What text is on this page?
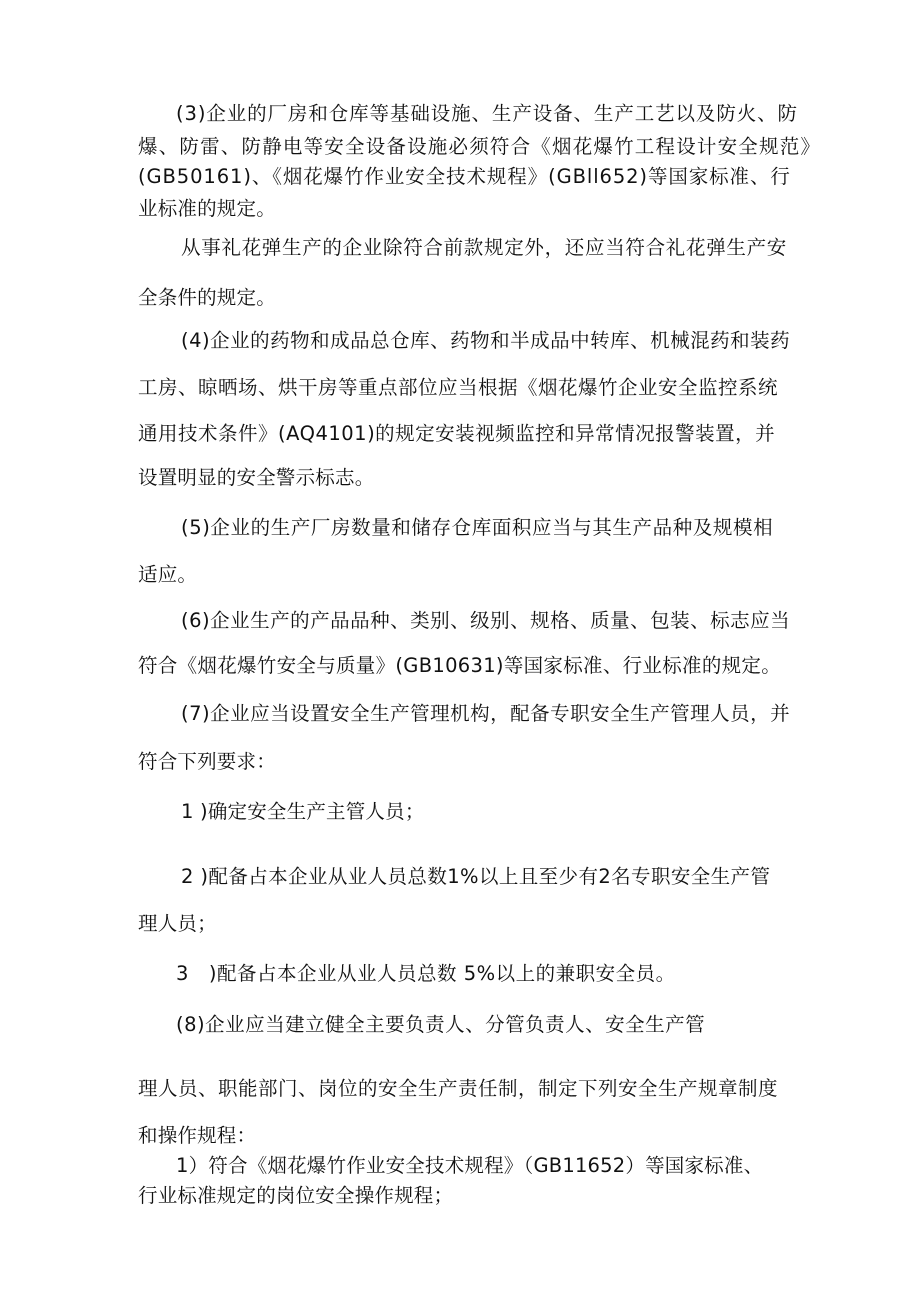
(3)企业的厂房和仓库等基础设施、生产设备、生产工艺以及防火、防
爆、防雷、防静电等安全设备设施必须符合《烟花爆竹工程设计安全规范》
(GB50161)、《烟花爆竹作业安全技术规程》(GBll652)等国家标准、行
业标准的规定。
从事礼花弹生产的企业除符合前款规定外，还应当符合礼花弹生产安
全条件的规定。
(4)企业的药物和成品总仓库、药物和半成品中转库、机械混药和装药
工房、晾晒场、烘干房等重点部位应当根据《烟花爆竹企业安全监控系统
通用技术条件》(AQ4101)的规定安装视频监控和异常情况报警装置，并
设置明显的安全警示标志。
(5)企业的生产厂房数量和储存仓库面积应当与其生产品种及规模相
适应。
(6)企业生产的产品品种、类别、级别、规格、质量、包装、标志应当
符合《烟花爆竹安全与质量》(GB10631)等国家标准、行业标准的规定。
(7)企业应当设置安全生产管理机构，配备专职安全生产管理人员，并
符合下列要求：
1 )确定安全生产主管人员；
2 )配备占本企业从业人员总数1%以上且至少有2名专职安全生产管
理人员；
3　)配备占本企业从业人员总数 5%以上的兼职安全员。
(8)企业应当建立健全主要负责人、分管负责人、安全生产管
理人员、职能部门、岗位的安全生产责任制，制定下列安全生产规章制度
和操作规程：
1）符合《烟花爆竹作业安全技术规程》（GB11652）等国家标准、
行业标准规定的岗位安全操作规程；
